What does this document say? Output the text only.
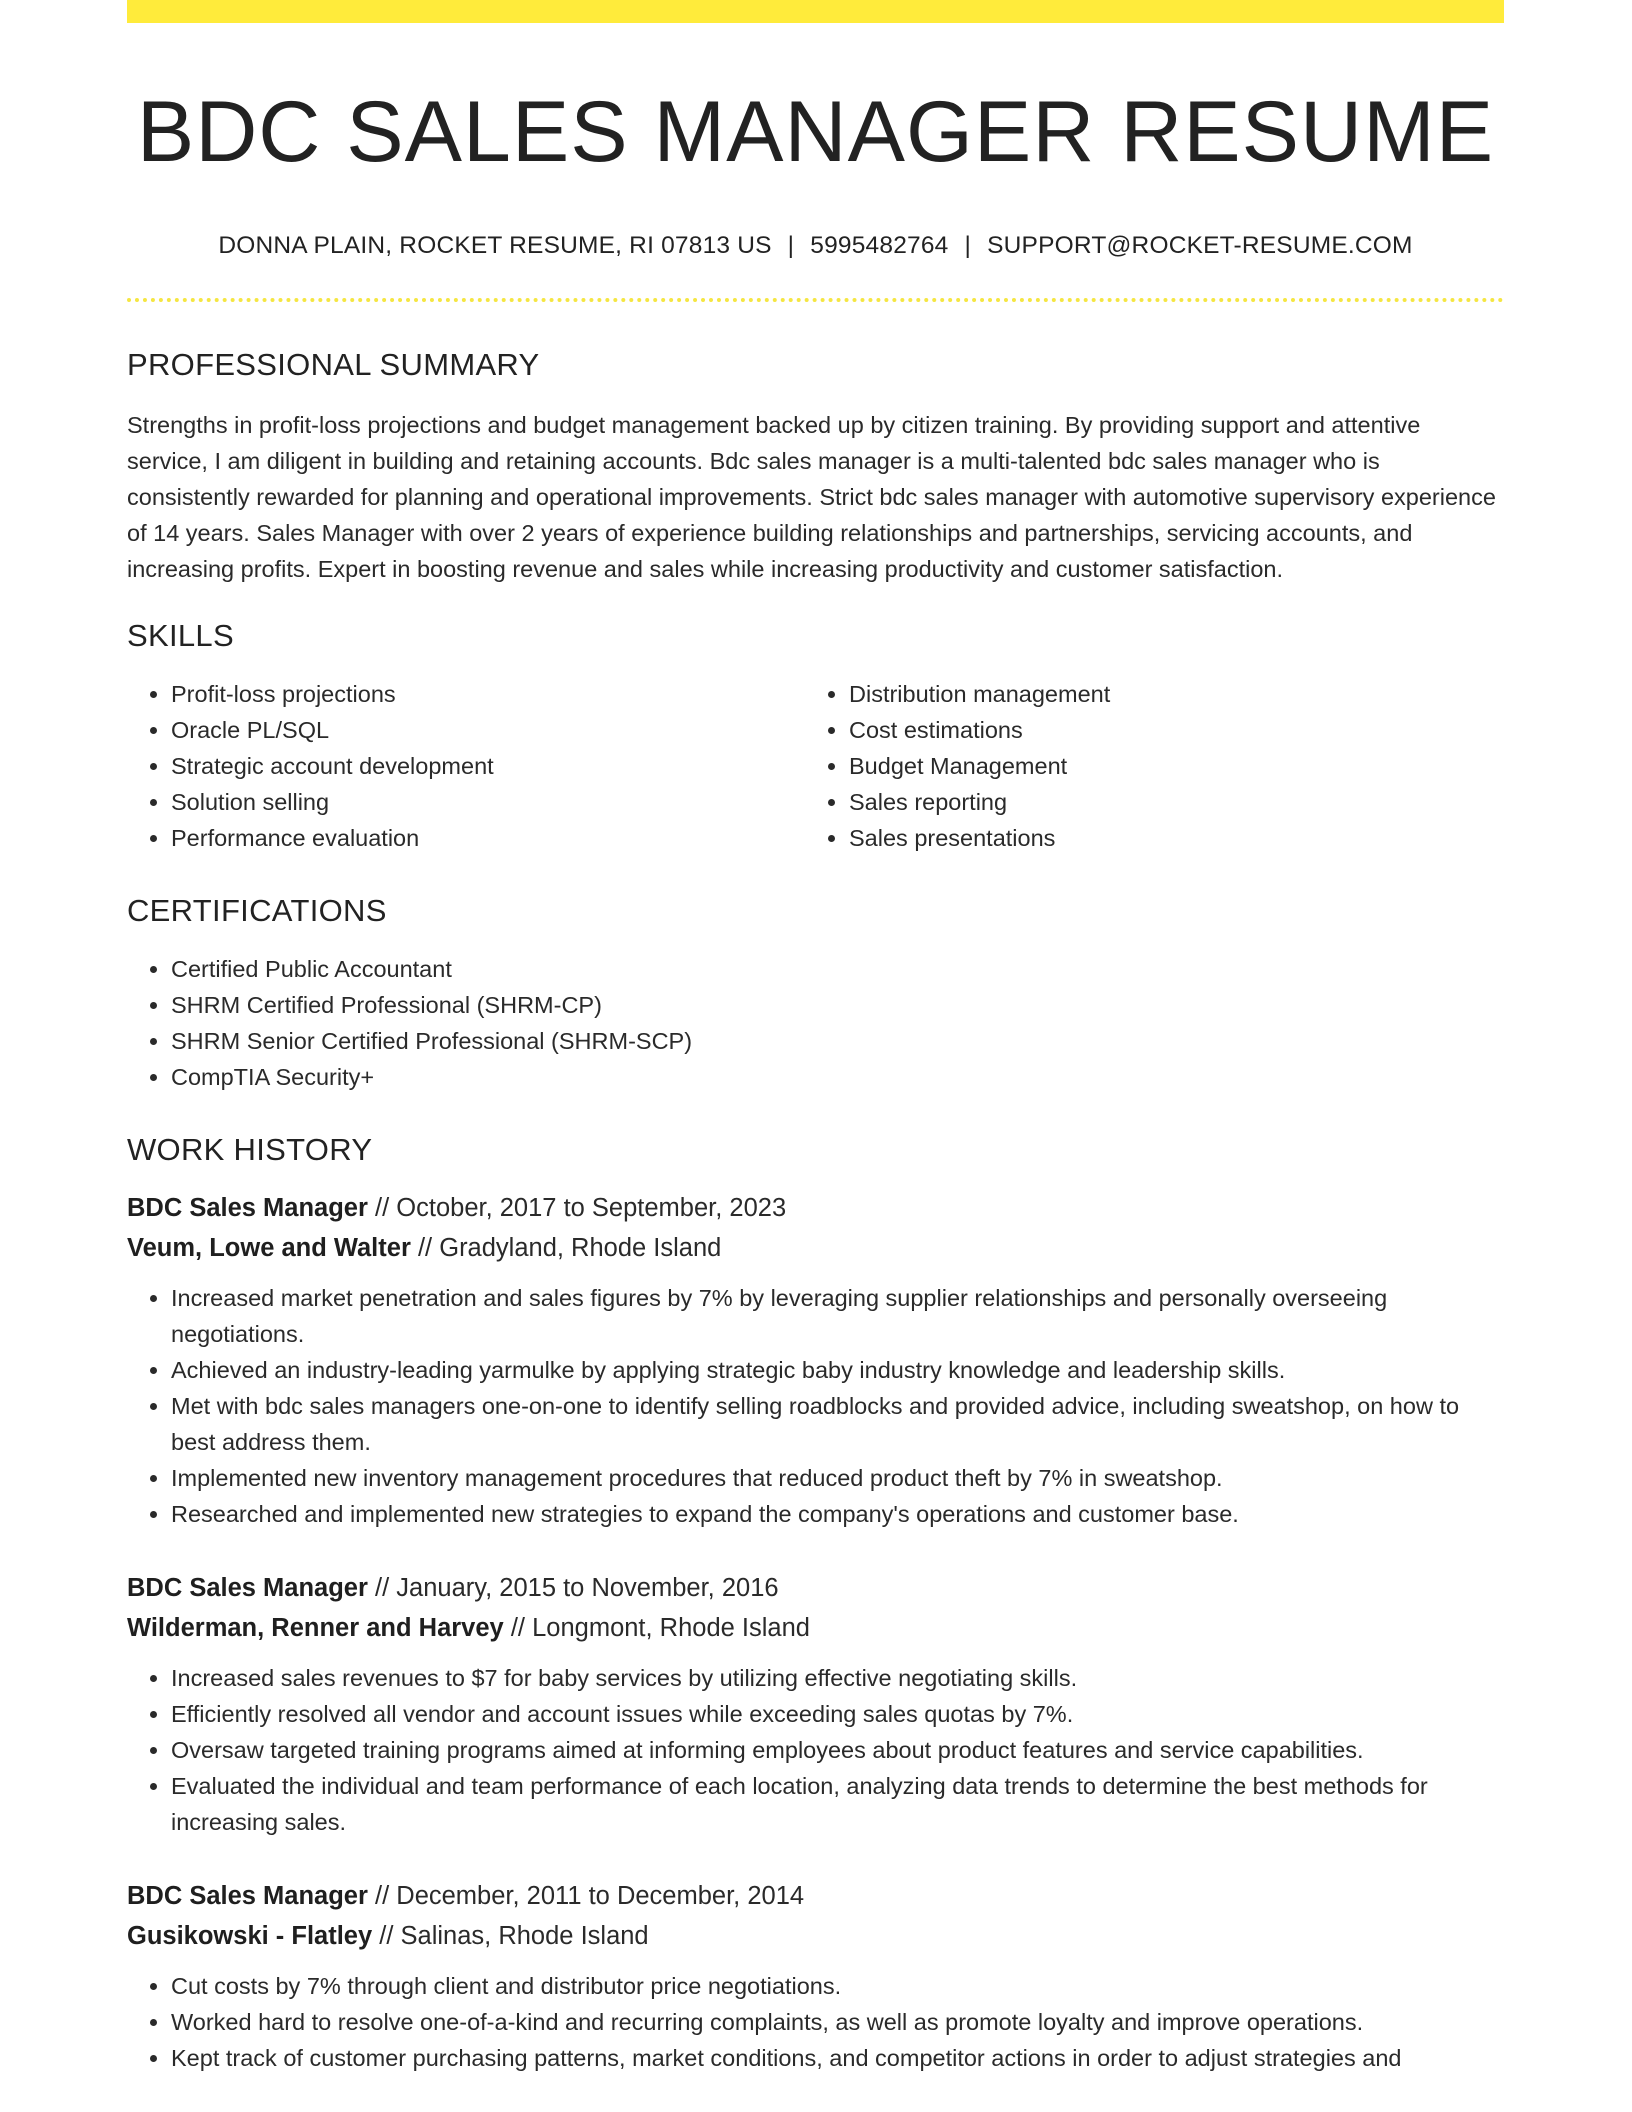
BDC SALES MANAGER RESUME
DONNA PLAIN, ROCKET RESUME, RI 07813 US | 5995482764 | SUPPORT@ROCKET-RESUME.COM
PROFESSIONAL SUMMARY

Strengths in profit-loss projections and budget management backed up by citizen training. By providing support and attentive service, I am diligent in building and retaining accounts. Bdc sales manager is a multi-talented bdc sales manager who is consistently rewarded for planning and operational improvements. Strict bdc sales manager with automotive supervisory experience of 14 years. Sales Manager with over 2 years of experience building relationships and partnerships, servicing accounts, and increasing profits. Expert in boosting revenue and sales while increasing productivity and customer satisfaction.

SKILLS
• Profit-loss projections
• Oracle PL/SQL
• Strategic account development
• Solution selling
• Performance evaluation
• Distribution management
• Cost estimations
• Budget Management
• Sales reporting
• Sales presentations
CERTIFICATIONS
• Certified Public Accountant
• SHRM Certified Professional (SHRM-CP)
• SHRM Senior Certified Professional (SHRM-SCP)
• CompTIA Security+
WORK HISTORY
BDC Sales Manager // October, 2017 to September, 2023
Veum, Lowe and Walter // Gradyland, Rhode Island
• Increased market penetration and sales figures by 7% by leveraging supplier relationships and personally overseeing negotiations.
• Achieved an industry-leading yarmulke by applying strategic baby industry knowledge and leadership skills.
• Met with bdc sales managers one-on-one to identify selling roadblocks and provided advice, including sweatshop, on how to best address them.
• Implemented new inventory management procedures that reduced product theft by 7% in sweatshop.
• Researched and implemented new strategies to expand the company's operations and customer base.
BDC Sales Manager // January, 2015 to November, 2016
Wilderman, Renner and Harvey // Longmont, Rhode Island
• Increased sales revenues to $7 for baby services by utilizing effective negotiating skills.
• Efficiently resolved all vendor and account issues while exceeding sales quotas by 7%.
• Oversaw targeted training programs aimed at informing employees about product features and service capabilities.
• Evaluated the individual and team performance of each location, analyzing data trends to determine the best methods for increasing sales.
BDC Sales Manager // December, 2011 to December, 2014
Gusikowski - Flatley // Salinas, Rhode Island
• Cut costs by 7% through client and distributor price negotiations.
• Worked hard to resolve one-of-a-kind and recurring complaints, as well as promote loyalty and improve operations.
• Kept track of customer purchasing patterns, market conditions, and competitor actions in order to adjust strategies and
